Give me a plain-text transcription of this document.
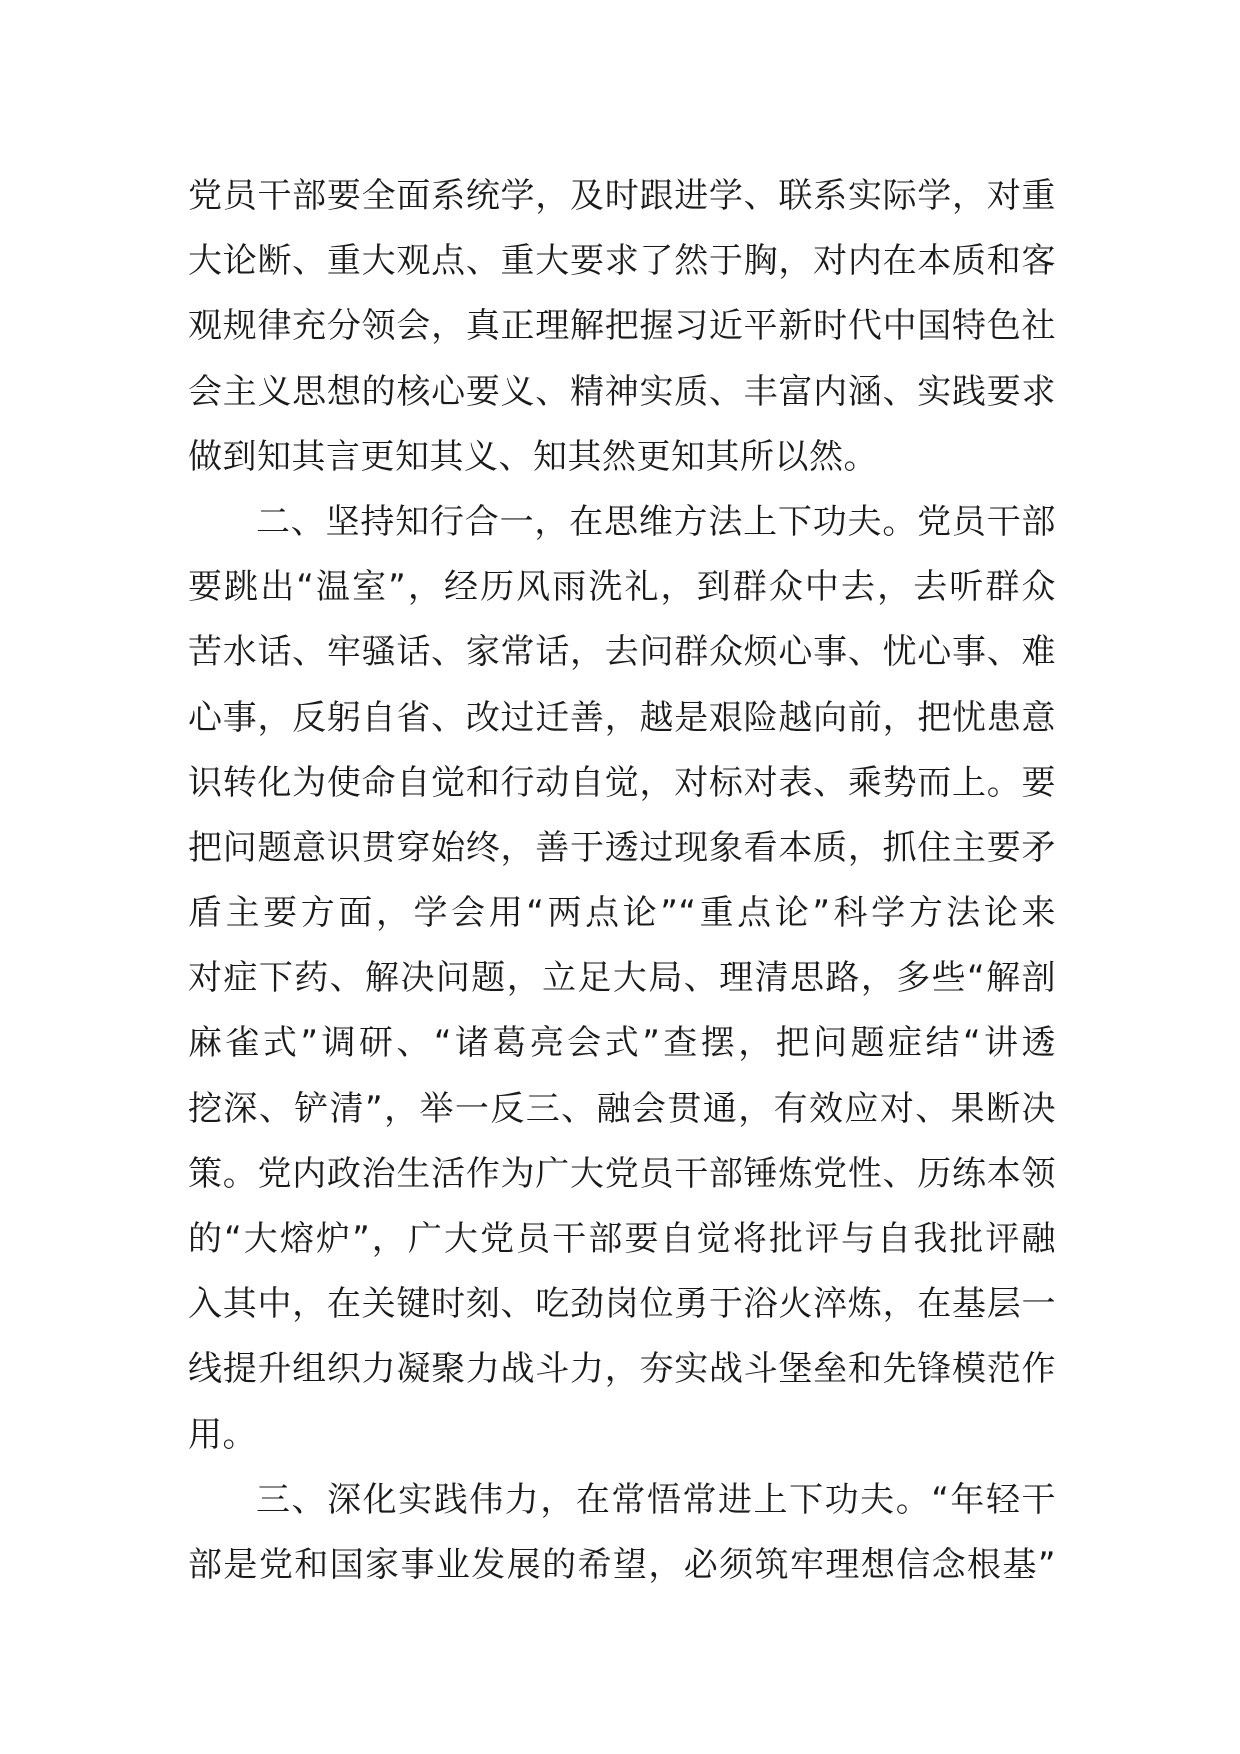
党员干部要全面系统学，及时跟进学、联系实际学，对重
大论断、重大观点、重大要求了然于胸，对内在本质和客
观规律充分领会，真正理解把握习近平新时代中国特色社
会主义思想的核心要义、精神实质、丰富内涵、实践要求
做到知其言更知其义、知其然更知其所以然。
二、坚持知行合一，在思维方法上下功夫。党员干部
要跳出“温室”，经历风雨洗礼，到群众中去，去听群众
苦水话、牢骚话、家常话，去问群众烦心事、忧心事、难
心事，反躬自省、改过迁善，越是艰险越向前，把忧患意
识转化为使命自觉和行动自觉，对标对表、乘势而上。要
把问题意识贯穿始终，善于透过现象看本质，抓住主要矛
盾主要方面，学会用“两点论”“重点论”科学方法论来
对症下药、解决问题，立足大局、理清思路，多些“解剖
麻雀式”调研、“诸葛亮会式”查摆，把问题症结“讲透
挖深、铲清”，举一反三、融会贯通，有效应对、果断决
策。党内政治生活作为广大党员干部锤炼党性、历练本领
的“大熔炉”，广大党员干部要自觉将批评与自我批评融
入其中，在关键时刻、吃劲岗位勇于浴火淬炼，在基层一
线提升组织力凝聚力战斗力，夯实战斗堡垒和先锋模范作
用。
三、深化实践伟力，在常悟常进上下功夫。“年轻干
部是党和国家事业发展的希望，必须筑牢理想信念根基”
